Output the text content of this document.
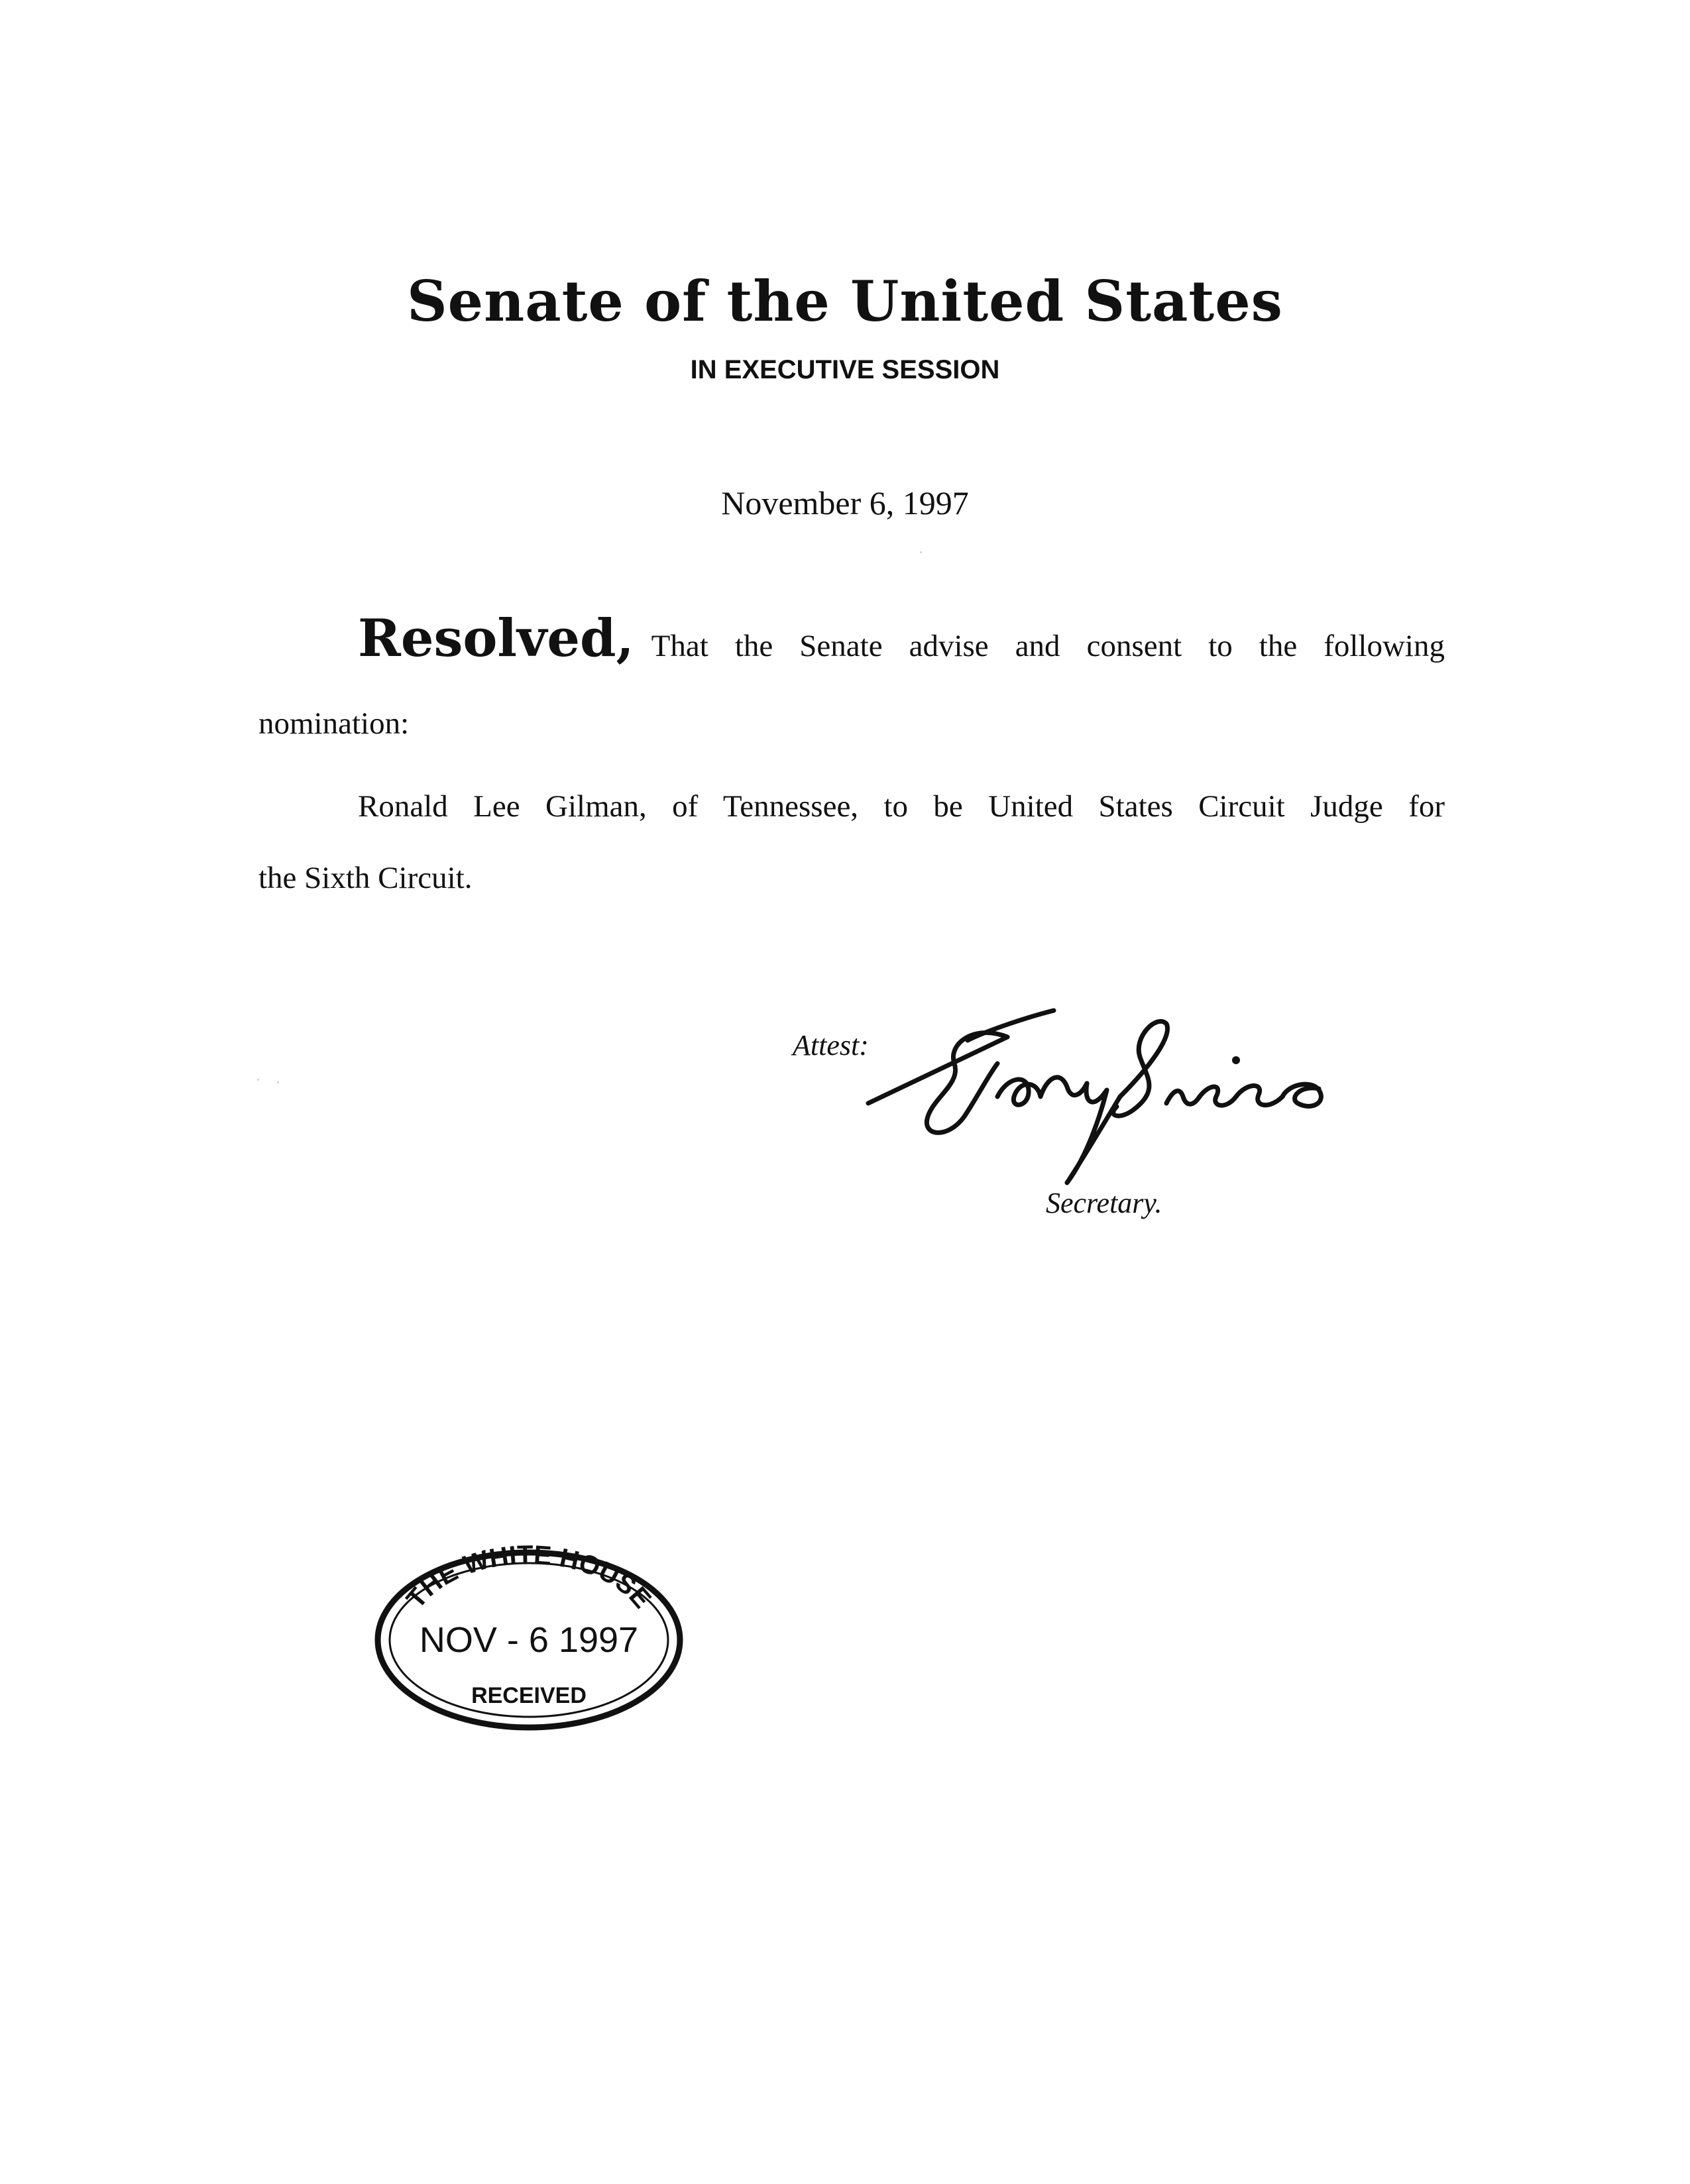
Senate of the United States
IN EXECUTIVE SESSION
November 6, 1997
Resolved, That the Senate advise and consent to the following
nomination:
Ronald Lee Gilman, of Tennessee, to be United States Circuit Judge for
the Sixth Circuit.
Attest:
Secretary.
THE WHITE HOUSE
NOV - 6 1997
RECEIVED
